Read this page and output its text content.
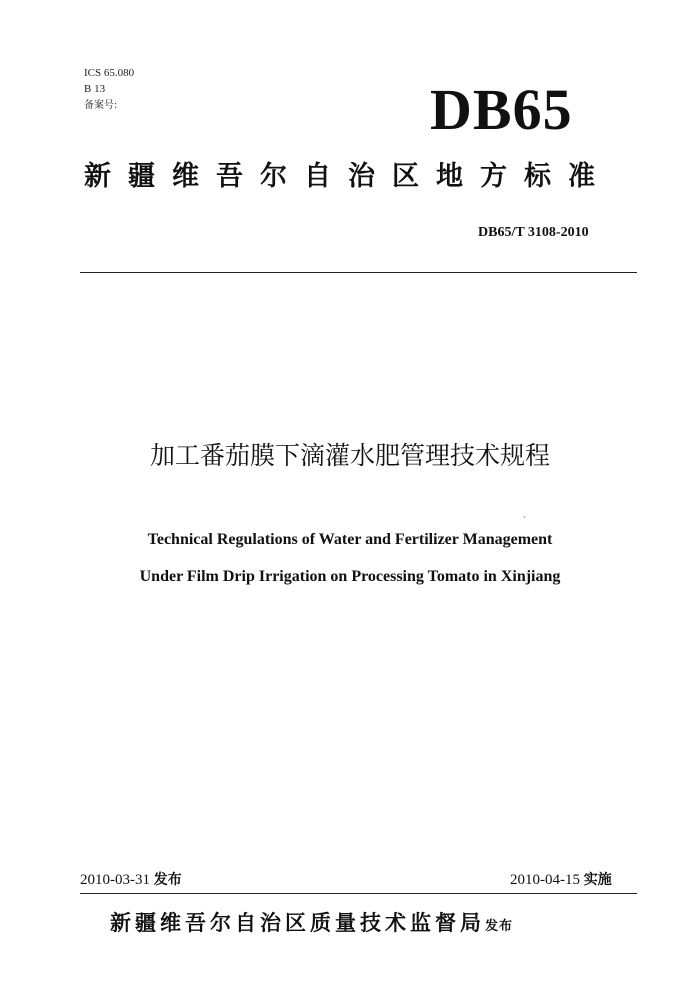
ICS 65.080
B 13
备案号:	DB65
新疆维吾尔自治区地方标准
DB65/T 3108-2010
加工番茄膜下滴灌水肥管理技术规程
ˏ
Technical Regulations of Water and Fertilizer Management
Under Film Drip Irrigation on Processing Tomato in Xinjiang
2010-03-31 发布	2010-04-15 实施
新疆维吾尔自治区质量技术监督局发布
